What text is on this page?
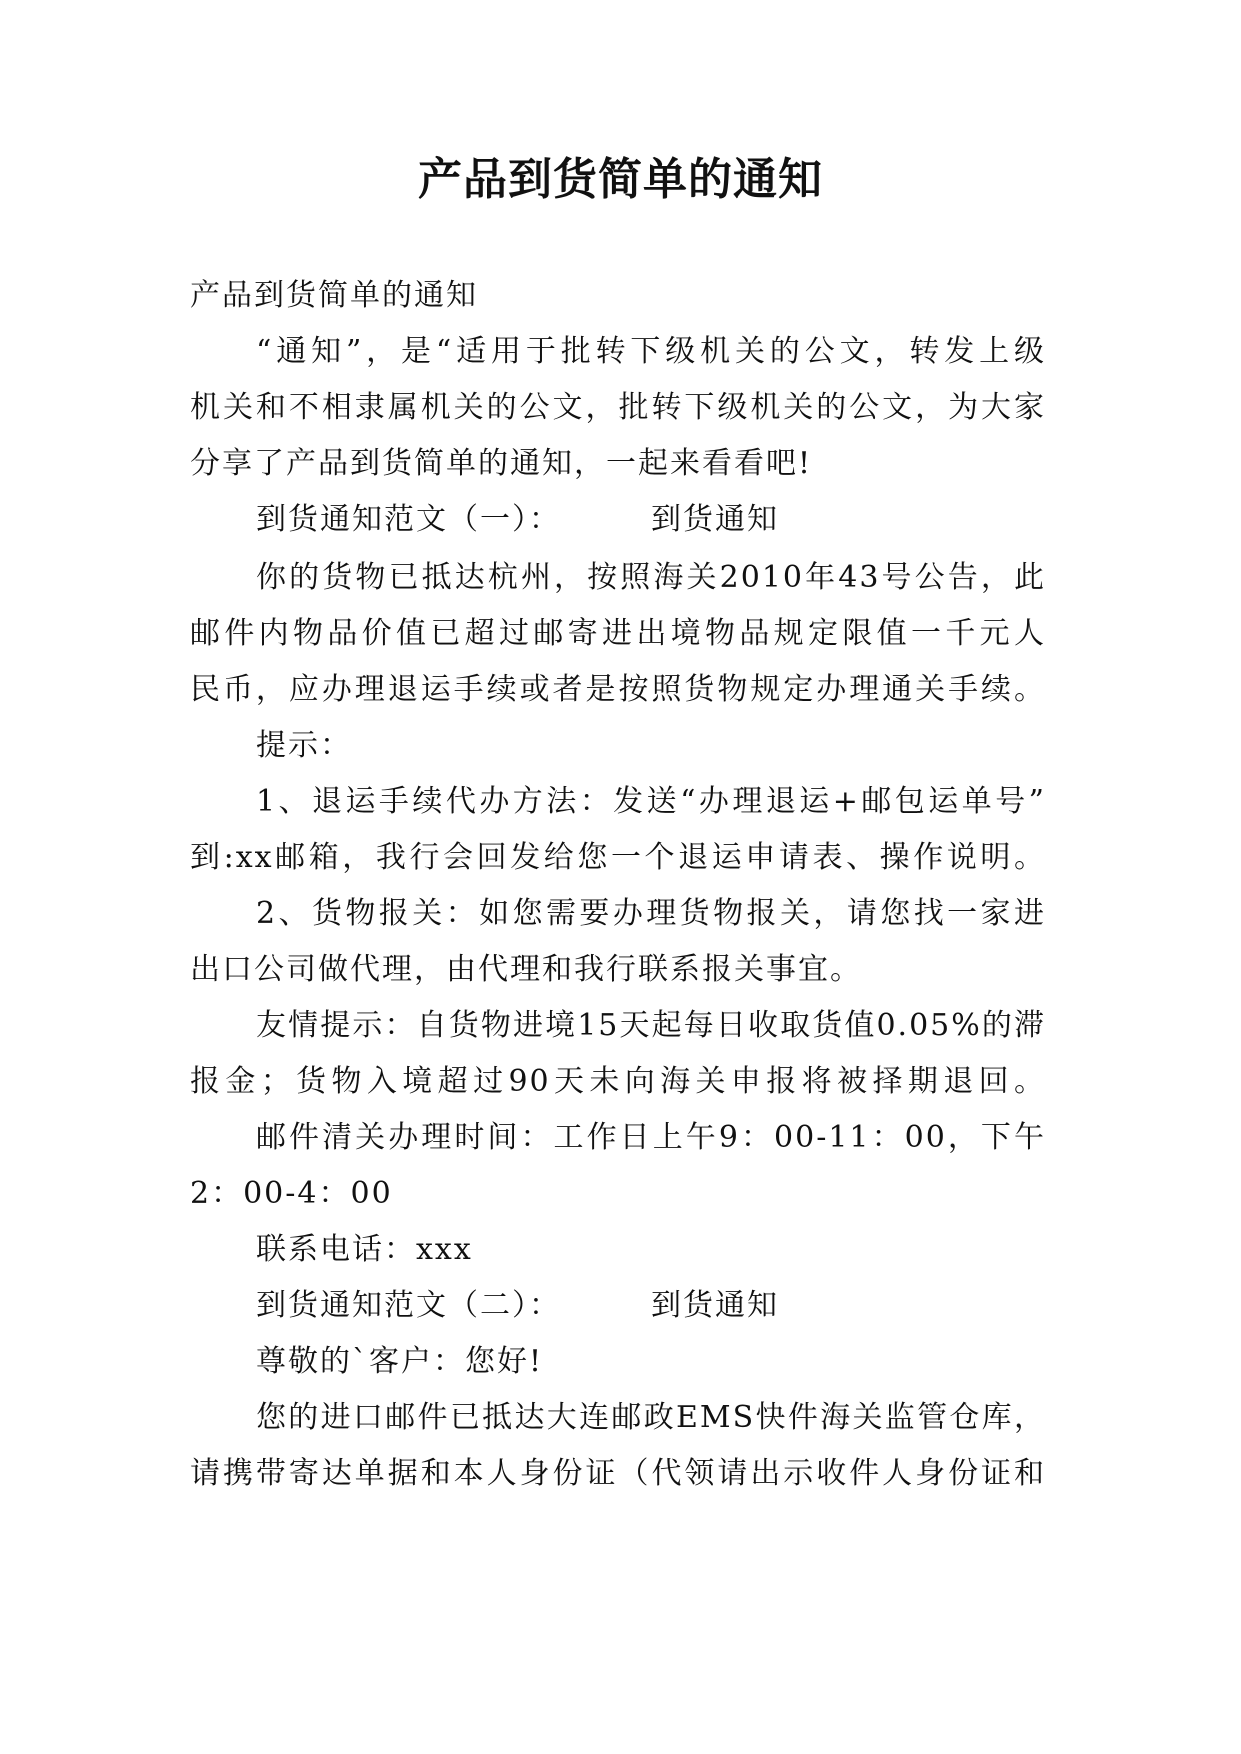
产品到货简单的通知

产品到货简单的通知

“通知”，是“适用于批转下级机关的公文，转发上级

机关和不相隶属机关的公文，批转下级机关的公文，为大家

分享了产品到货简单的通知，一起来看看吧!

到货通知范文（一）：	到货通知

你的货物已抵达杭州，按照海关2010年43号公告，此

邮件内物品价值已超过邮寄进出境物品规定限值一千元人

民币，应办理退运手续或者是按照货物规定办理通关手续。

提示：

1、退运手续代办方法：发送“办理退运+邮包运单号”

到:xx邮箱，我行会回发给您一个退运申请表、操作说明。

2、货物报关：如您需要办理货物报关，请您找一家进

出口公司做代理，由代理和我行联系报关事宜。

友情提示：自货物进境15天起每日收取货值0.05%的滞

报金；货物入境超过90天未向海关申报将被择期退回。

邮件清关办理时间：工作日上午9：00-11：00，下午

2：00-4：00

联系电话：xxx

到货通知范文（二）：	到货通知

尊敬的`客户：您好!

您的进口邮件已抵达大连邮政EMS快件海关监管仓库，

请携带寄达单据和本人身份证（代领请出示收件人身份证和
